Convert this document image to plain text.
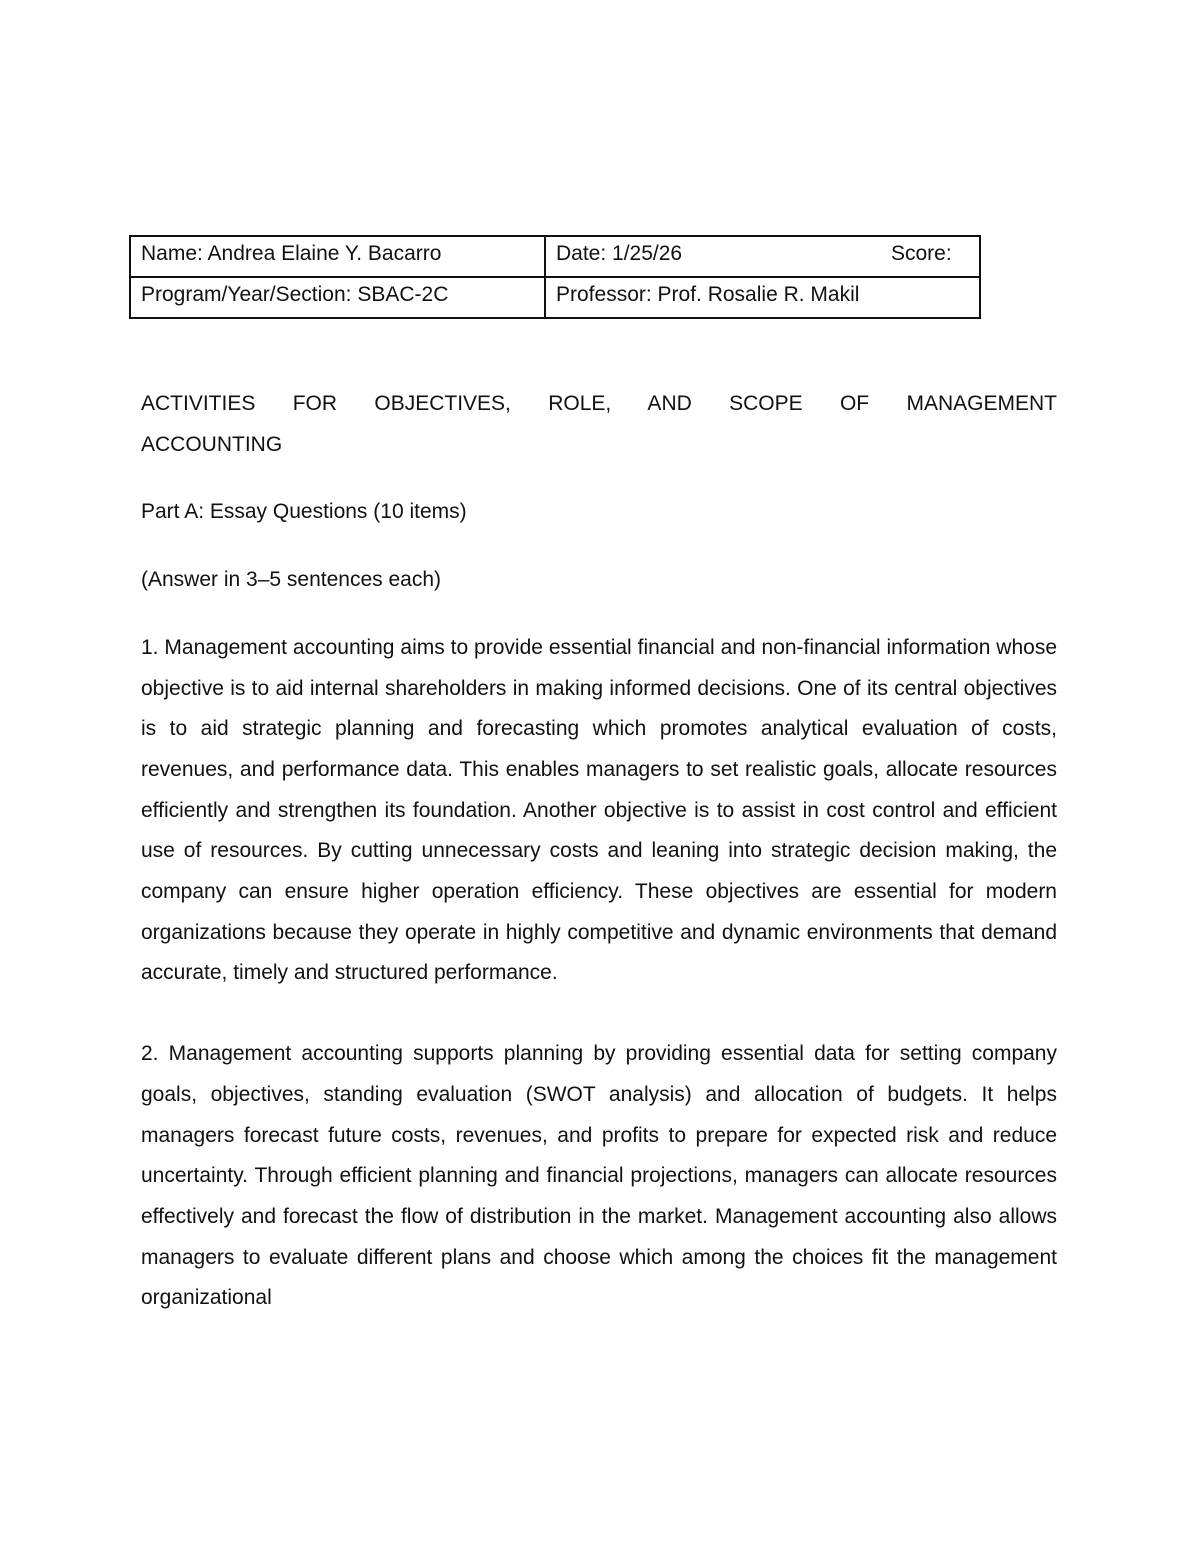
Name: Andrea Elaine Y. Bacarro	Date: 1/25/26 Score:

Program/Year/Section: SBAC-2C	Professor: Prof. Rosalie R. Makil

ACTIVITIES FOR OBJECTIVES, ROLE, AND SCOPE OF MANAGEMENT

ACCOUNTING

Part A: Essay Questions (10 items)

(Answer in 3–5 sentences each)

1. Management accounting aims to provide essential financial and non-financial information whose objective is to aid internal shareholders in making informed decisions. One of its central objectives is to aid strategic planning and forecasting which promotes analytical evaluation of costs, revenues, and performance data. This enables managers to set realistic goals, allocate resources efficiently and strengthen its foundation. Another objective is to assist in cost control and efficient use of resources. By cutting unnecessary costs and leaning into strategic decision making, the company can ensure higher operation efficiency. These objectives are essential for modern organizations because they operate in highly competitive and dynamic environments that demand accurate, timely and structured performance.

2. Management accounting supports planning by providing essential data for setting company goals, objectives, standing evaluation (SWOT analysis) and allocation of budgets. It helps managers forecast future costs, revenues, and profits to prepare for expected risk and reduce uncertainty. Through efficient planning and financial projections, managers can allocate resources effectively and forecast the flow of distribution in the market. Management accounting also allows managers to evaluate different plans and choose which among the choices fit the management organizational
